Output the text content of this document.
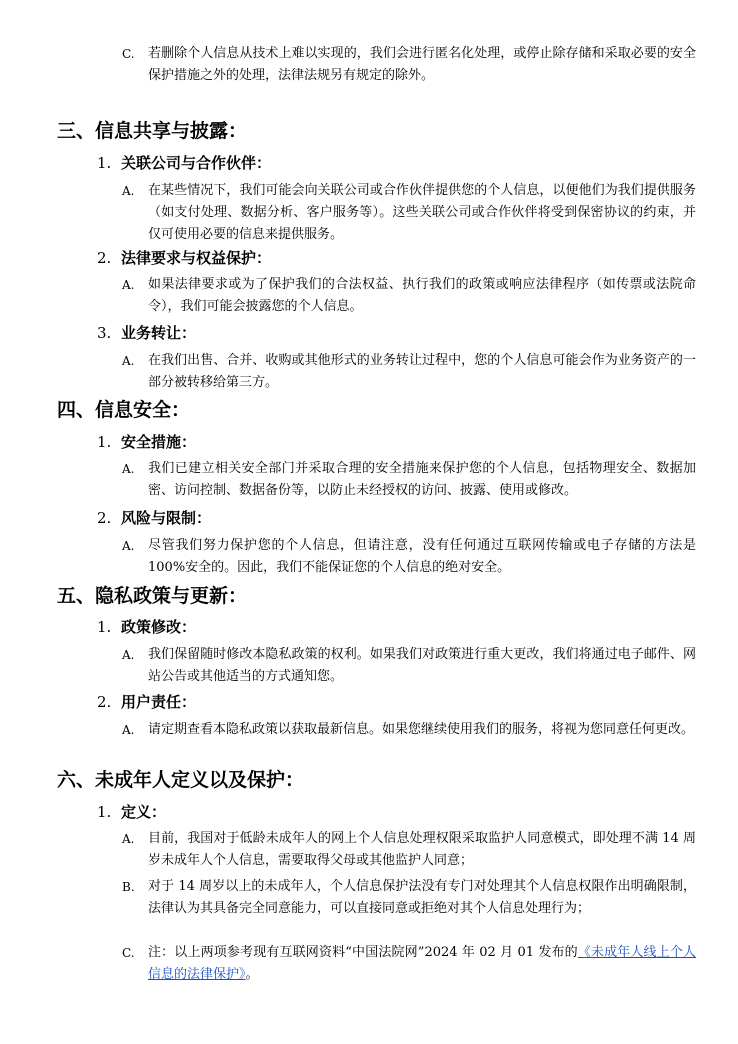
C.	若删除个人信息从技术上难以实现的，我们会进行匿名化处理，或停止除存储和采取必要的安全保护措施之外的处理，法律法规另有规定的除外。
三、信息共享与披露：
1. 关联公司与合作伙伴：
A.	在某些情况下，我们可能会向关联公司或合作伙伴提供您的个人信息，以便他们为我们提供服务（如支付处理、数据分析、客户服务等）。这些关联公司或合作伙伴将受到保密协议的约束，并仅可使用必要的信息来提供服务。
2. 法律要求与权益保护：
A.	如果法律要求或为了保护我们的合法权益、执行我们的政策或响应法律程序（如传票或法院命令），我们可能会披露您的个人信息。
3. 业务转让：
A.	在我们出售、合并、收购或其他形式的业务转让过程中，您的个人信息可能会作为业务资产的一部分被转移给第三方。
四、信息安全：
1. 安全措施：
A.	我们已建立相关安全部门并采取合理的安全措施来保护您的个人信息，包括物理安全、数据加密、访问控制、数据备份等，以防止未经授权的访问、披露、使用或修改。
2. 风险与限制：
A.	尽管我们努力保护您的个人信息，但请注意，没有任何通过互联网传输或电子存储的方法是 100%安全的。因此，我们不能保证您的个人信息的绝对安全。
五、隐私政策与更新：
1. 政策修改：
A.	我们保留随时修改本隐私政策的权利。如果我们对政策进行重大更改，我们将通过电子邮件、网站公告或其他适当的方式通知您。
2. 用户责任：
A.	请定期查看本隐私政策以获取最新信息。如果您继续使用我们的服务，将视为您同意任何更改。
六、未成年人定义以及保护：
1. 定义：
A.	目前，我国对于低龄未成年人的网上个人信息处理权限采取监护人同意模式，即处理不满 14 周岁未成年人个人信息，需要取得父母或其他监护人同意；
B.	对于 14 周岁以上的未成年人，个人信息保护法没有专门对处理其个人信息权限作出明确限制，法律认为其具备完全同意能力，可以直接同意或拒绝对其个人信息处理行为；
C.	注：以上两项参考现有互联网资料“中国法院网”2024 年 02 月 01 发布的《未成年人线上个人信息的法律保护》。
